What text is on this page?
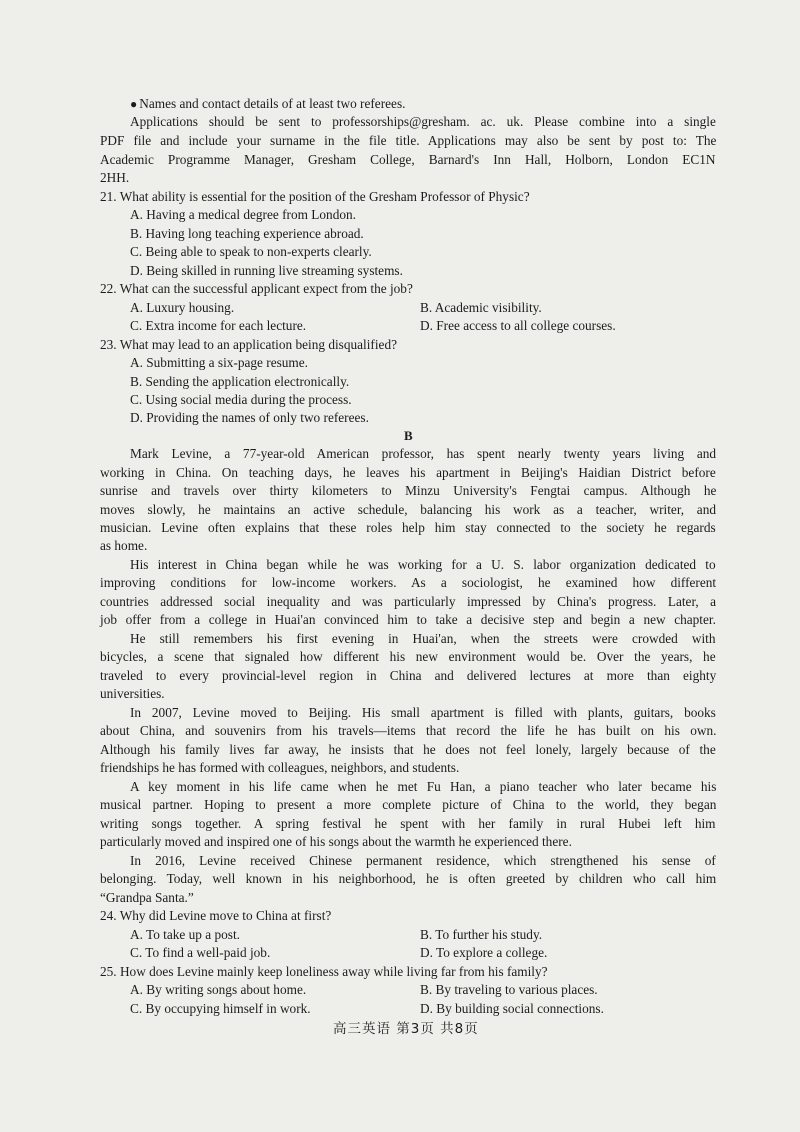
● Names and contact details of at least two referees.
Applications should be sent to professorships@gresham. ac. uk. Please combine into a single
PDF file and include your surname in the file title. Applications may also be sent by post to: The
Academic Programme Manager, Gresham College, Barnard's Inn Hall, Holborn, London EC1N
2HH.
21. What ability is essential for the position of the Gresham Professor of Physic?
A. Having a medical degree from London.
B. Having long teaching experience abroad.
C. Being able to speak to non-experts clearly.
D. Being skilled in running live streaming systems.
22. What can the successful applicant expect from the job?
A. Luxury housing.	B. Academic visibility.
C. Extra income for each lecture.	D. Free access to all college courses.
23. What may lead to an application being disqualified?
A. Submitting a six-page resume.
B. Sending the application electronically.
C. Using social media during the process.
D. Providing the names of only two referees.
B
Mark Levine, a 77-year-old American professor, has spent nearly twenty years living and
working in China. On teaching days, he leaves his apartment in Beijing's Haidian District before
sunrise and travels over thirty kilometers to Minzu University's Fengtai campus. Although he
moves slowly, he maintains an active schedule, balancing his work as a teacher, writer, and
musician. Levine often explains that these roles help him stay connected to the society he regards
as home.
His interest in China began while he was working for a U. S. labor organization dedicated to
improving conditions for low-income workers. As a sociologist, he examined how different
countries addressed social inequality and was particularly impressed by China's progress. Later, a
job offer from a college in Huai'an convinced him to take a decisive step and begin a new chapter.
He still remembers his first evening in Huai'an, when the streets were crowded with
bicycles, a scene that signaled how different his new environment would be. Over the years, he
traveled to every provincial-level region in China and delivered lectures at more than eighty
universities.
In 2007, Levine moved to Beijing. His small apartment is filled with plants, guitars, books
about China, and souvenirs from his travels—items that record the life he has built on his own.
Although his family lives far away, he insists that he does not feel lonely, largely because of the
friendships he has formed with colleagues, neighbors, and students.
A key moment in his life came when he met Fu Han, a piano teacher who later became his
musical partner. Hoping to present a more complete picture of China to the world, they began
writing songs together. A spring festival he spent with her family in rural Hubei left him
particularly moved and inspired one of his songs about the warmth he experienced there.
In 2016, Levine received Chinese permanent residence, which strengthened his sense of
belonging. Today, well known in his neighborhood, he is often greeted by children who call him
“Grandpa Santa.”
24. Why did Levine move to China at first?
A. To take up a post.	B. To further his study.
C. To find a well-paid job.	D. To explore a college.
25. How does Levine mainly keep loneliness away while living far from his family?
A. By writing songs about home.	B. By traveling to various places.
C. By occupying himself in work.	D. By building social connections.
高三英语 第3页 共8页
